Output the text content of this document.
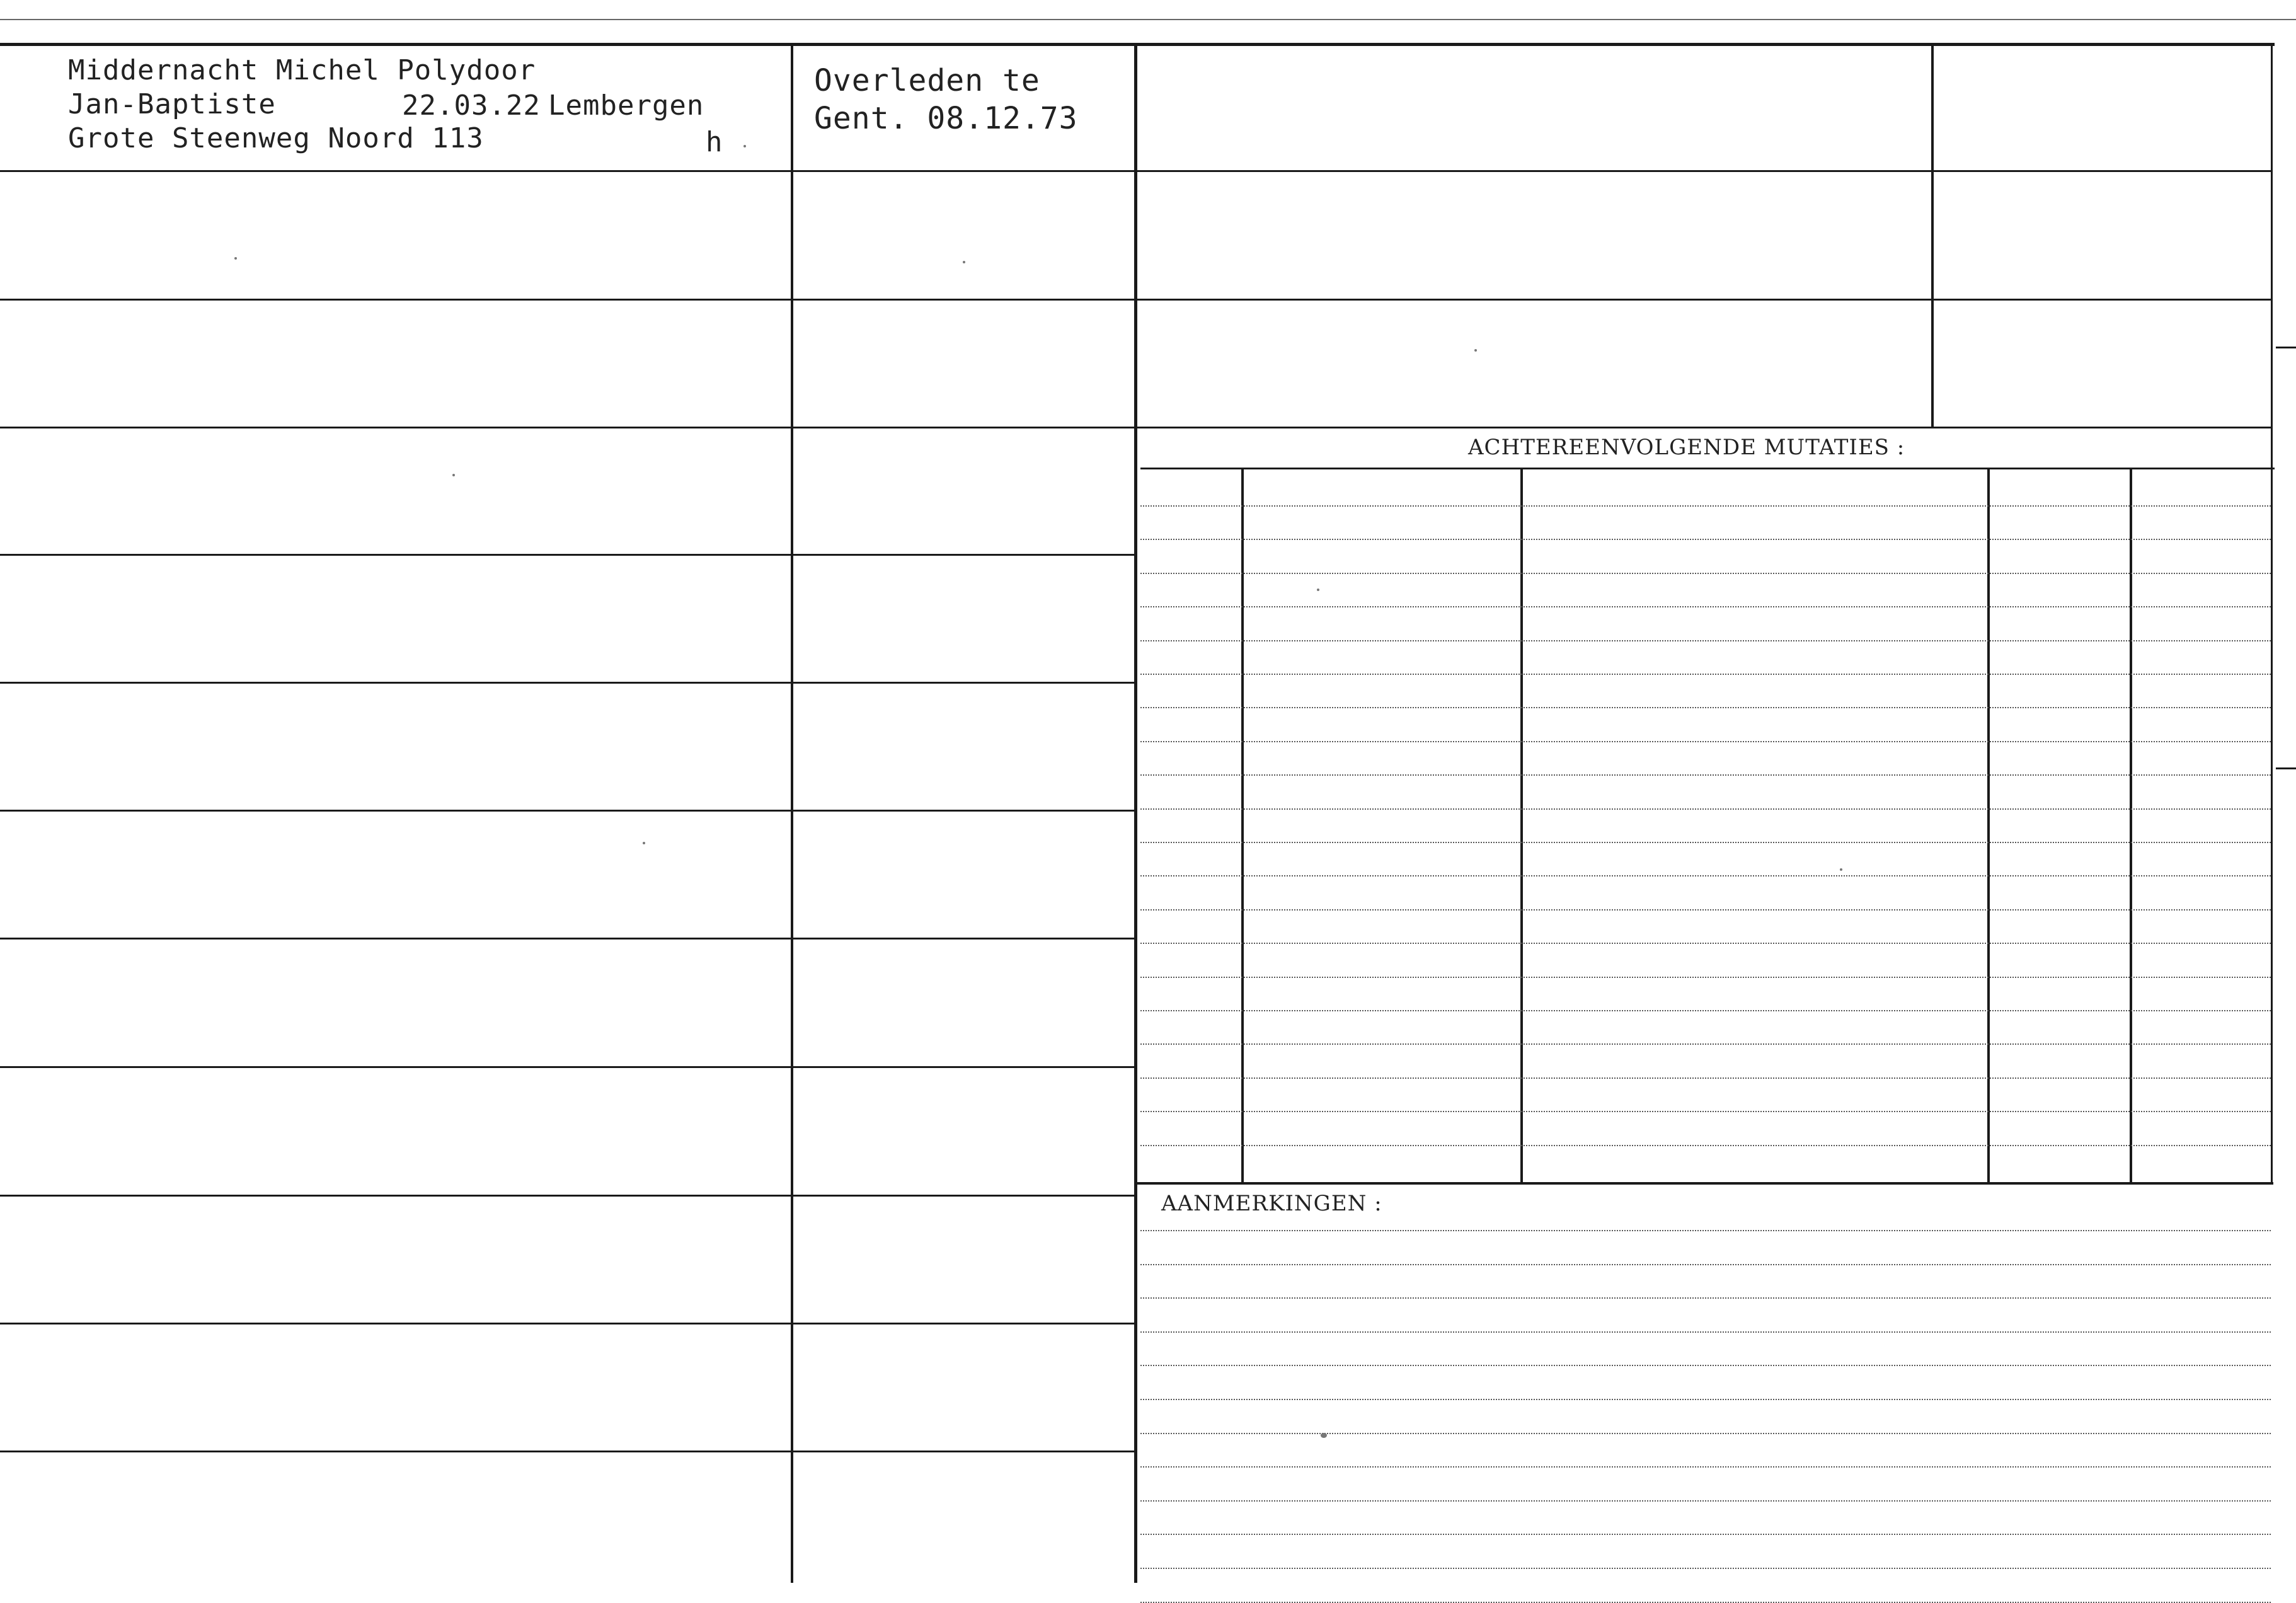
ACHTEREENVOLGENDE MUTATIES :
AANMERKINGEN :
Middernacht Michel Polydoor
Jan-Baptiste	22.03.22 Lembergen
Grote Steenweg Noord 113	h
Overleden te
Gent. 08.12.73
